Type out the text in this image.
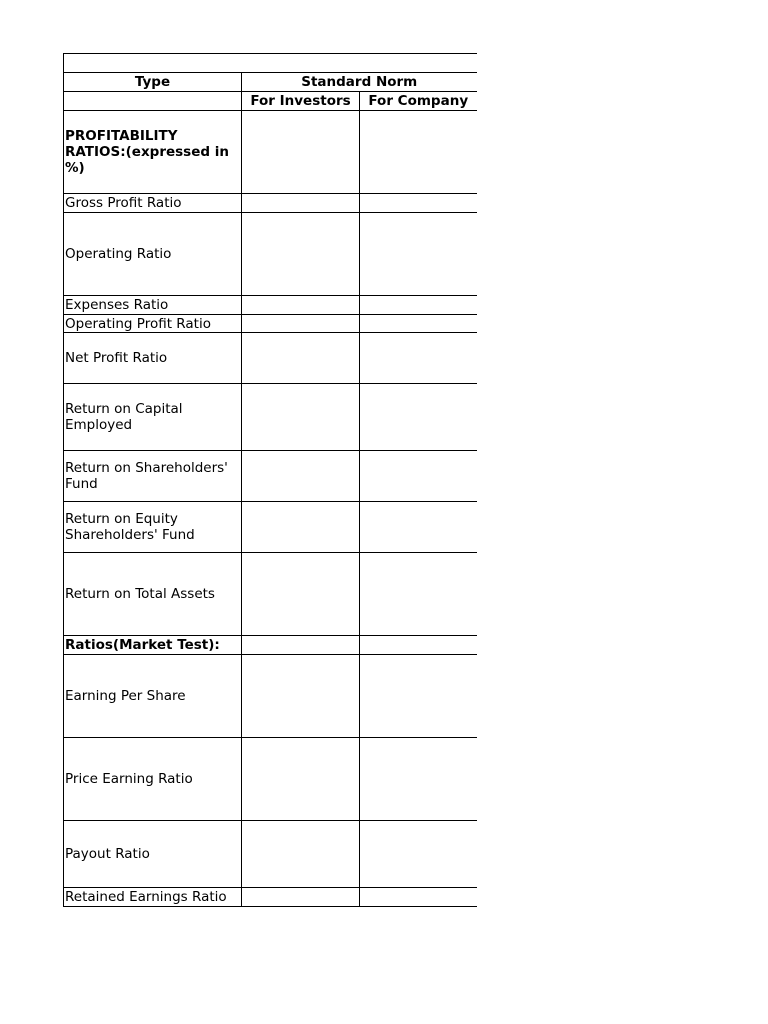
Type	Standard Norm	
	For Investors	For Company
PROFITABILITY RATIOS:(expressed in %)		
Gross Profit Ratio		
Operating Ratio		
Expenses Ratio		
Operating Profit Ratio		
Net Profit Ratio		
Return on Capital Employed		
Return on Shareholders' Fund		
Return on Equity Shareholders' Fund		
Return on Total Assets		
Ratios(Market Test):		
Earning Per Share		
Price Earning Ratio		
Payout Ratio		
Retained Earnings Ratio		
